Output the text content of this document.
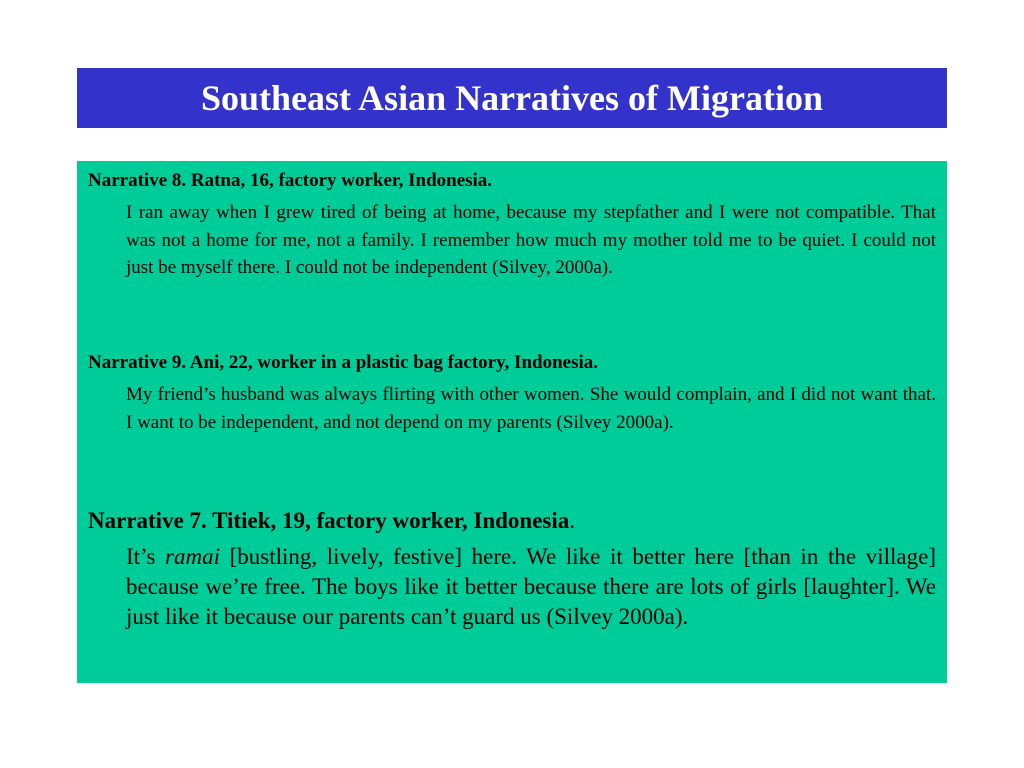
Southeast Asian Narratives of Migration
Narrative 8. Ratna, 16, factory worker, Indonesia.
I ran away when I grew tired of being at home, because my stepfather and I were not compatible. That was not a home for me, not a family. I remember how much my mother told me to be quiet. I could not just be myself there. I could not be independent (Silvey, 2000a).
Narrative 9. Ani, 22, worker in a plastic bag factory, Indonesia.
My friend’s husband was always flirting with other women. She would complain, and I did not want that. I want to be independent, and not depend on my parents (Silvey 2000a).
Narrative 7. Titiek, 19, factory worker, Indonesia.
It’s ramai [bustling, lively, festive] here. We like it better here [than in the village] because we’re free. The boys like it better because there are lots of girls [laughter]. We just like it because our parents can’t guard us (Silvey 2000a).
